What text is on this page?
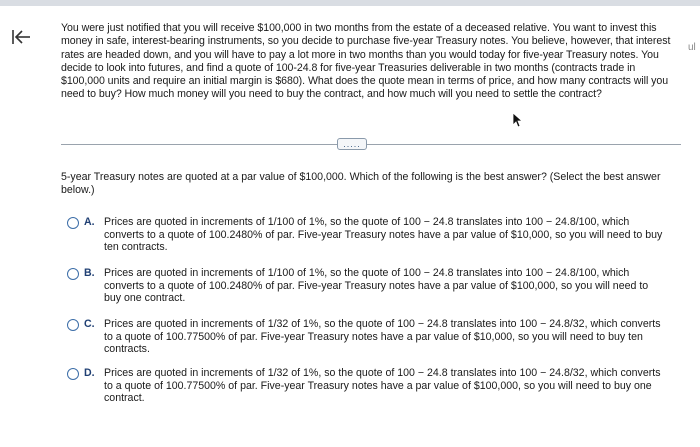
ul
You were just notified that you will receive $100,000 in two months from the estate of a deceased relative. You want to invest this money in safe, interest-bearing instruments, so you decide to purchase five-year Treasury notes. You believe, however, that interest rates are headed down, and you will have to pay a lot more in two months than you would today for five-year Treasury notes. You decide to look into futures, and find a quote of 100-24.8 for five-year Treasuries deliverable in two months (contracts trade in $100,000 units and require an initial margin is $680). What does the quote mean in terms of price, and how many contracts will you need to buy? How much money will you need to buy the contract, and how much will you need to settle the contract?
.....
5-year Treasury notes are quoted at a par value of $100,000. Which of the following is the best answer? (Select the best answer below.)
A. Prices are quoted in increments of 1/100 of 1%, so the quote of 100 − 24.8 translates into 100 − 24.8/100, which converts to a quote of 100.2480% of par. Five-year Treasury notes have a par value of $10,000, so you will need to buy ten contracts.
B. Prices are quoted in increments of 1/100 of 1%, so the quote of 100 − 24.8 translates into 100 − 24.8/100, which converts to a quote of 100.2480% of par. Five-year Treasury notes have a par value of $100,000, so you will need to buy one contract.
C. Prices are quoted in increments of 1/32 of 1%, so the quote of 100 − 24.8 translates into 100 − 24.8/32, which converts to a quote of 100.77500% of par. Five-year Treasury notes have a par value of $10,000, so you will need to buy ten contracts.
D. Prices are quoted in increments of 1/32 of 1%, so the quote of 100 − 24.8 translates into 100 − 24.8/32, which converts to a quote of 100.77500% of par. Five-year Treasury notes have a par value of $100,000, so you will need to buy one contract.
